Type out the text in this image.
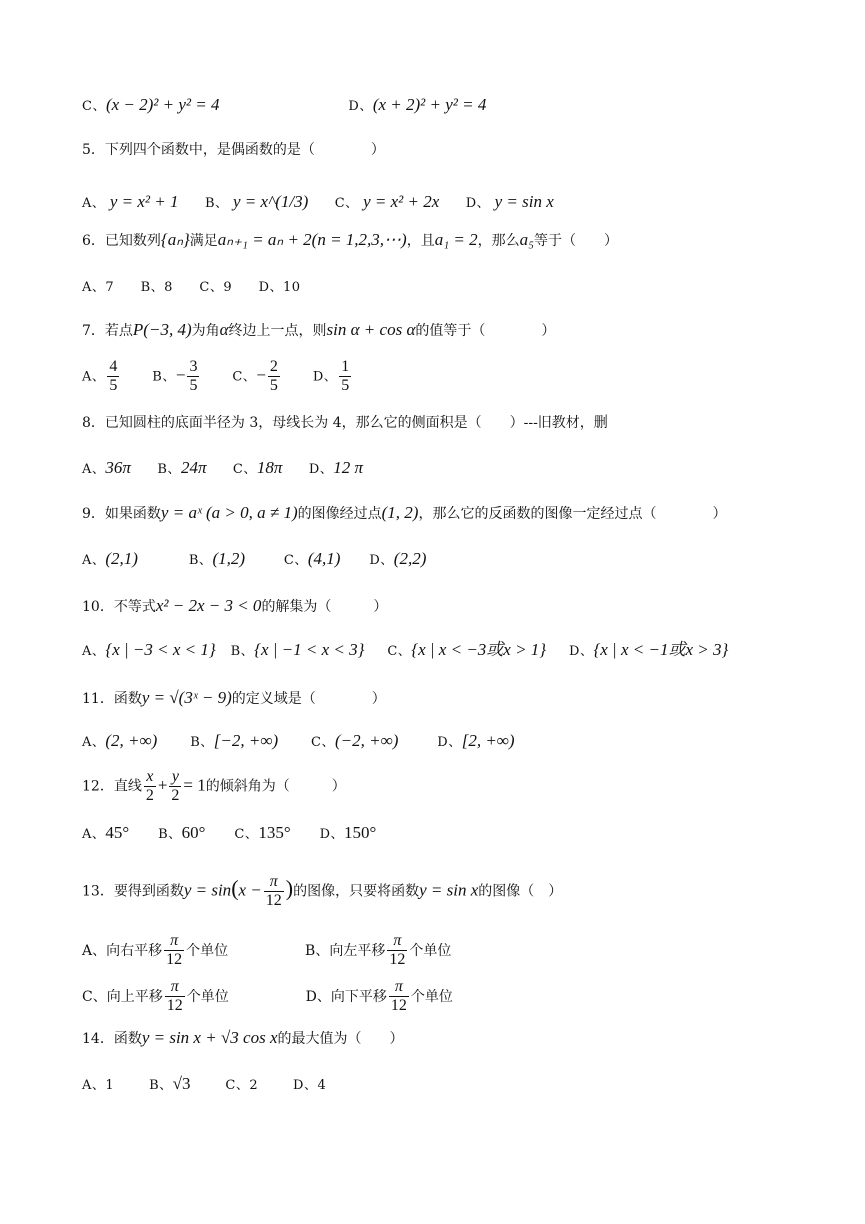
C、(x − 2)² + y² = 4	D、(x + 2)² + y² = 4
5．下列四个函数中，是偶函数的是（　　　　）
A、 y = x² + 1 B、 y = x^(1/3) C、 y = x² + 2x D、 y = sin x
6．已知数列{aₙ}满足aₙ₊₁ = aₙ + 2(n = 1,2,3,⋯)，且a₁ = 2，那么a₅等于（　　）
A、7 B、8 C、9 D、10
7．若点P(−3, 4)为角α终边上一点，则sin α + cos α的值等于（　　　　）
A、 $\frac{4}{5}$	B、− $\frac{3}{5}$	C、− $\frac{2}{5}$	D、 $\frac{1}{5}$
8．已知圆柱的底面半径为 3，母线长为 4，那么它的侧面积是（　　）---旧教材，删
A、36π B、24π C、18π D、12 π
9．如果函数y = aˣ (a > 0, a ≠ 1)的图像经过点(1, 2)，那么它的反函数的图像一定经过点（　　　　）
A、(2,1)	B、(1,2)	C、(4,1) D、(2,2)
10．不等式x² − 2x − 3 < 0的解集为（　　　）
A、{x | −3 < x < 1} B、{x | −1 < x < 3} C、{x | x < −3或x > 1} D、{x | x < −1或x > 3}
11．函数y = √(3ˣ − 9)的定义域是（　　　　）
A、(2, +∞)	B、[−2, +∞)	C、(−2, +∞)	D、[2, +∞)
12．直线 $\frac{x}{2} + \frac{y}{2} = 1$的倾斜角为（　　　）
A、45° B、60° C、135° D、150°
13．要得到函数$y = \sin(x - \frac{\pi}{12}$ )的图像，只要将函数y = sin x的图像（　）
A、向右平移 $\frac{\pi}{12}$ 个单位	B、向左平移 $\frac{\pi}{12}$ 个单位
C、向上平移 $\frac{\pi}{12}$ 个单位	D、向下平移 $\frac{\pi}{12}$ 个单位
14．函数y = sin x + √3 cos x的最大值为（　　）
A、1	B、√3	C、2	D、4
